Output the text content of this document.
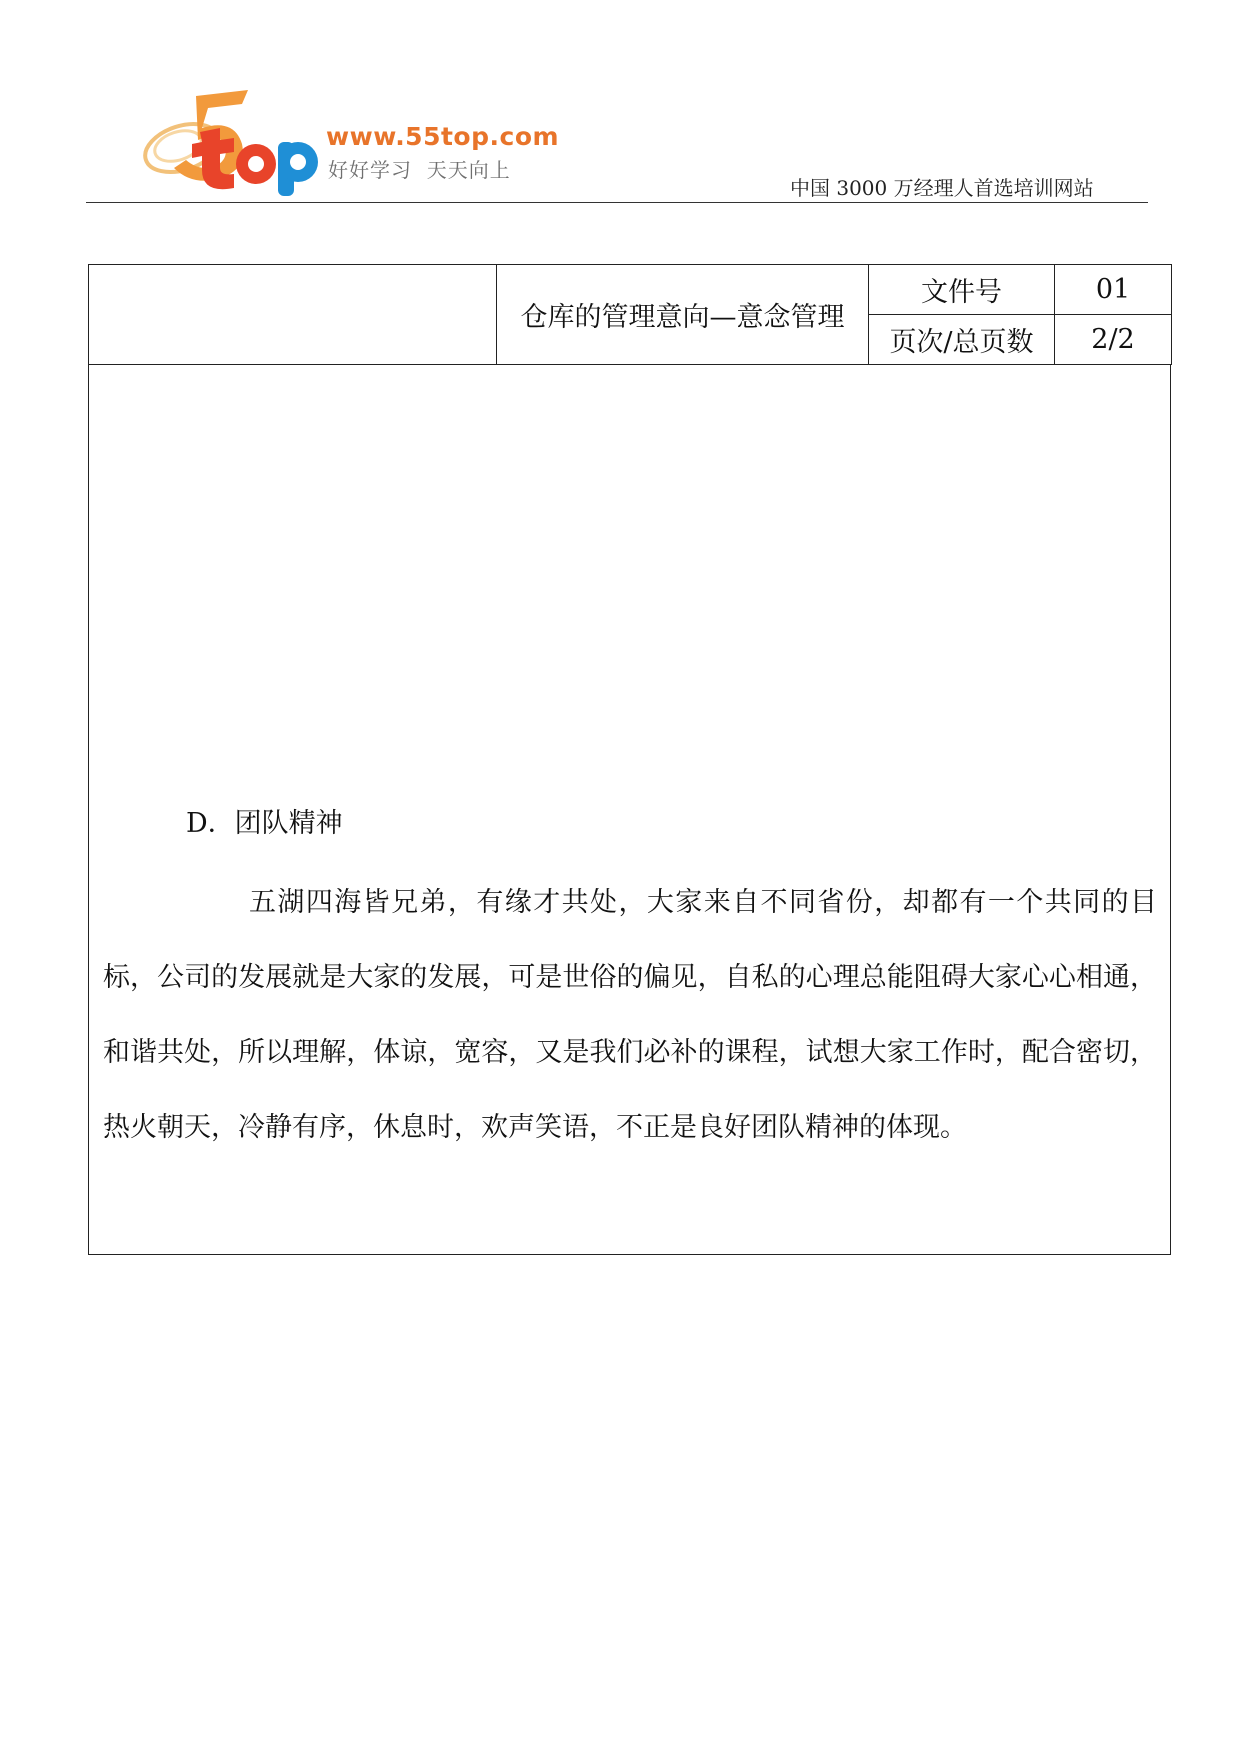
www.55top.com
好好学习  天天向上
中国 3000 万经理人首选培训网站
	仓库的管理意向—意念管理	文件号	01
		页次/总页数	2/2
D．团队精神
五湖四海皆兄弟，有缘才共处，大家来自不同省份，却都有一个共同的目标，公司的发展就是大家的发展，可是世俗的偏见，自私的心理总能阻碍大家心心相通，和谐共处，所以理解，体谅，宽容，又是我们必补的课程，试想大家工作时，配合密切，热火朝天，冷静有序，休息时，欢声笑语，不正是良好团队精神的体现。
